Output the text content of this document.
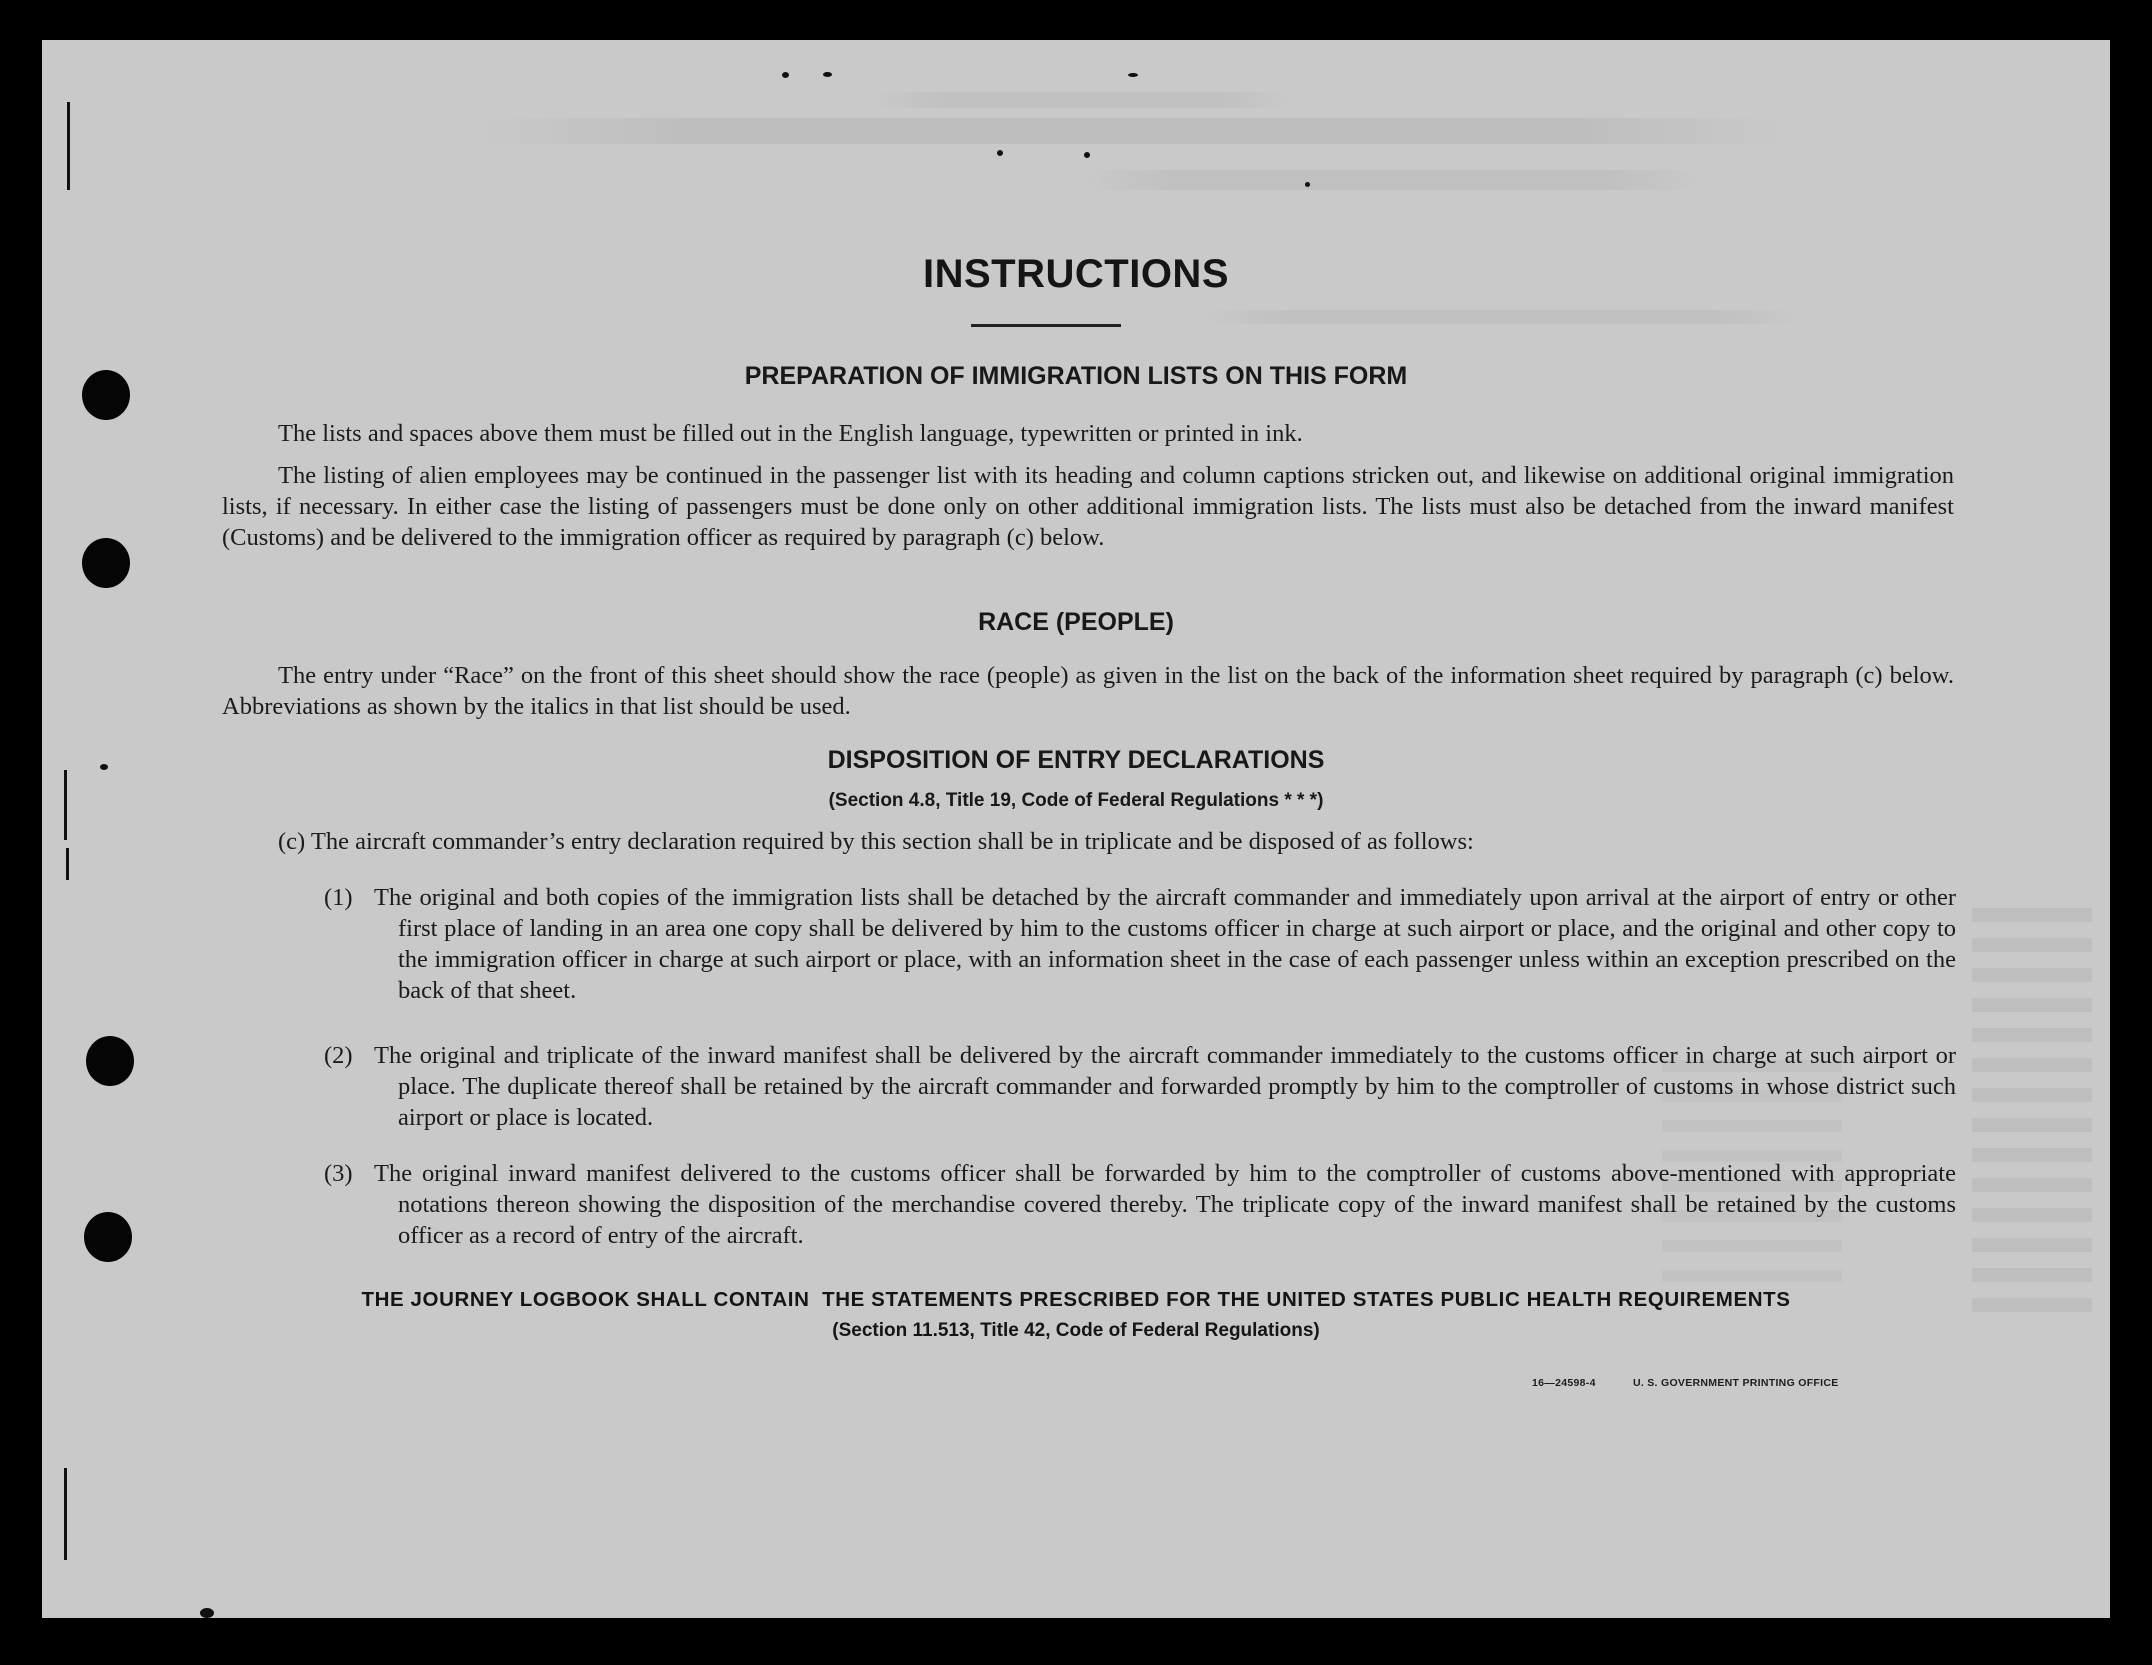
INSTRUCTIONS
PREPARATION OF IMMIGRATION LISTS ON THIS FORM
The lists and spaces above them must be filled out in the English language, typewritten or printed in ink.
The listing of alien employees may be continued in the passenger list with its heading and column captions stricken out, and likewise on additional original immigration lists, if necessary. In either case the listing of passengers must be done only on other additional immigration lists. The lists must also be detached from the inward manifest (Customs) and be delivered to the immigration officer as required by paragraph (c) below.
RACE (PEOPLE)
The entry under “Race” on the front of this sheet should show the race (people) as given in the list on the back of the information sheet required by paragraph (c) below. Abbreviations as shown by the italics in that list should be used.
DISPOSITION OF ENTRY DECLARATIONS
(Section 4.8, Title 19, Code of Federal Regulations * * *)
(c) The aircraft commander’s entry declaration required by this section shall be in triplicate and be disposed of as follows:
(1) The original and both copies of the immigration lists shall be detached by the aircraft commander and immediately upon arrival at the airport of entry or other first place of landing in an area one copy shall be delivered by him to the customs officer in charge at such airport or place, and the original and other copy to the immigration officer in charge at such airport or place, with an information sheet in the case of each passenger unless within an exception prescribed on the back of that sheet.
(2) The original and triplicate of the inward manifest shall be delivered by the aircraft commander immediately to the customs officer in charge at such airport or place. The duplicate thereof shall be retained by the aircraft commander and forwarded promptly by him to the comptroller of customs in whose district such airport or place is located.
(3) The original inward manifest delivered to the customs officer shall be forwarded by him to the comptroller of customs above-mentioned with appropriate notations thereon showing the disposition of the merchandise covered thereby. The triplicate copy of the inward manifest shall be retained by the customs officer as a record of entry of the aircraft.
THE JOURNEY LOGBOOK SHALL CONTAIN  THE STATEMENTS PRESCRIBED FOR THE UNITED STATES PUBLIC HEALTH REQUIREMENTS
(Section 11.513, Title 42, Code of Federal Regulations)
16—24598-4	U. S. GOVERNMENT PRINTING OFFICE
